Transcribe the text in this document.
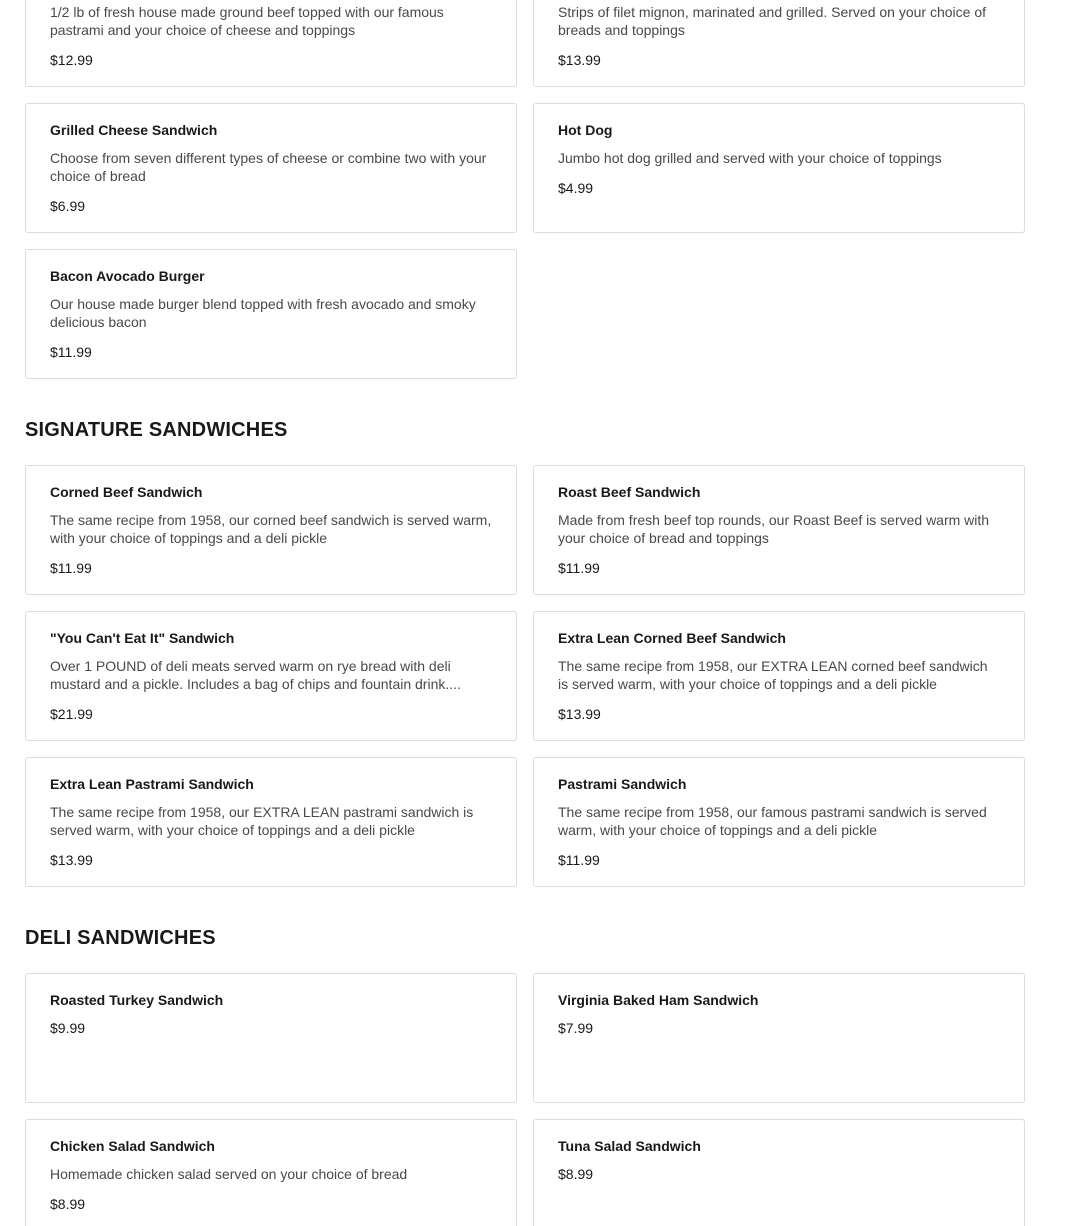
1/2 lb of fresh house made ground beef topped with our famous pastrami and your choice of cheese and toppings
$12.99
Strips of filet mignon, marinated and grilled. Served on your choice of breads and toppings
$13.99
Grilled Cheese Sandwich
Choose from seven different types of cheese or combine two with your choice of bread
$6.99
Hot Dog
Jumbo hot dog grilled and served with your choice of toppings
$4.99
Bacon Avocado Burger
Our house made burger blend topped with fresh avocado and smoky delicious bacon
$11.99
SIGNATURE SANDWICHES
Corned Beef Sandwich
The same recipe from 1958, our corned beef sandwich is served warm, with your choice of toppings and a deli pickle
$11.99
Roast Beef Sandwich
Made from fresh beef top rounds, our Roast Beef is served warm with your choice of bread and toppings
$11.99
"You Can't Eat It" Sandwich
Over 1 POUND of deli meats served warm on rye bread with deli mustard and a pickle. Includes a bag of chips and fountain drink....
$21.99
Extra Lean Corned Beef Sandwich
The same recipe from 1958, our EXTRA LEAN corned beef sandwich is served warm, with your choice of toppings and a deli pickle
$13.99
Extra Lean Pastrami Sandwich
The same recipe from 1958, our EXTRA LEAN pastrami sandwich is served warm, with your choice of toppings and a deli pickle
$13.99
Pastrami Sandwich
The same recipe from 1958, our famous pastrami sandwich is served warm, with your choice of toppings and a deli pickle
$11.99
DELI SANDWICHES
Roasted Turkey Sandwich
$9.99
Virginia Baked Ham Sandwich
$7.99
Chicken Salad Sandwich
Homemade chicken salad served on your choice of bread
$8.99
Tuna Salad Sandwich
$8.99
